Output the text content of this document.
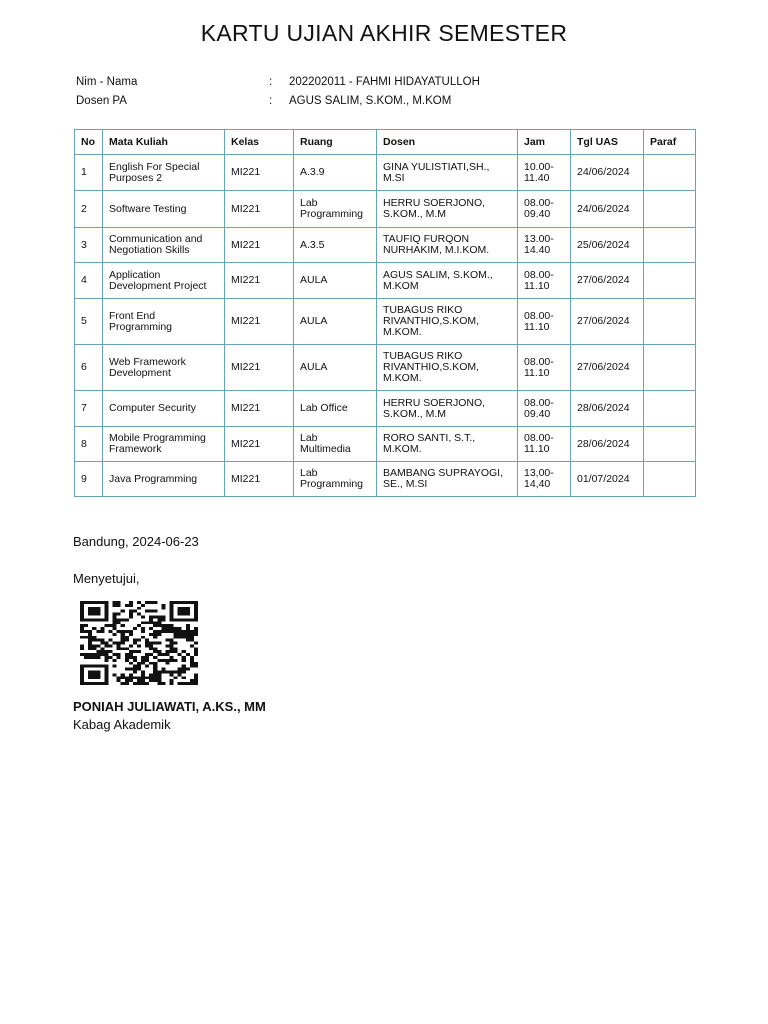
KARTU UJIAN AKHIR SEMESTER
Nim - Nama	: 202202011 - FAHMI HIDAYATULLOH
Dosen PA	: AGUS SALIM, S.KOM., M.KOM
No	Mata Kuliah	Kelas	Ruang	Dosen	Jam	Tgl UAS	Paraf
1	English For Special Purposes 2	MI221	A.3.9	GINA YULISTIATI,SH., M.SI	10.00-11.40	24/06/2024	
2	Software Testing	MI221	Lab Programming	HERRU SOERJONO, S.KOM., M.M	08.00-09.40	24/06/2024	
3	Communication and Negotiation Skills	MI221	A.3.5	TAUFIQ FURQON NURHAKIM, M.I.KOM.	13.00-14.40	25/06/2024	
4	Application Development Project	MI221	AULA	AGUS SALIM, S.KOM., M.KOM	08.00-11.10	27/06/2024	
5	Front End Programming	MI221	AULA	TUBAGUS RIKO RIVANTHIO,S.KOM, M.KOM.	08.00-11.10	27/06/2024	
6	Web Framework Development	MI221	AULA	TUBAGUS RIKO RIVANTHIO,S.KOM, M.KOM.	08.00-11.10	27/06/2024	
7	Computer Security	MI221	Lab Office	HERRU SOERJONO, S.KOM., M.M	08.00-09.40	28/06/2024	
8	Mobile Programming Framework	MI221	Lab Multimedia	RORO SANTI, S.T., M.KOM.	08.00-11.10	28/06/2024	
9	Java Programming	MI221	Lab Programming	BAMBANG SUPRAYOGI, SE., M.SI	13,00-14,40	01/07/2024	
Bandung, 2024-06-23
Menyetujui,
PONIAH JULIAWATI, A.KS., MM
Kabag Akademik
